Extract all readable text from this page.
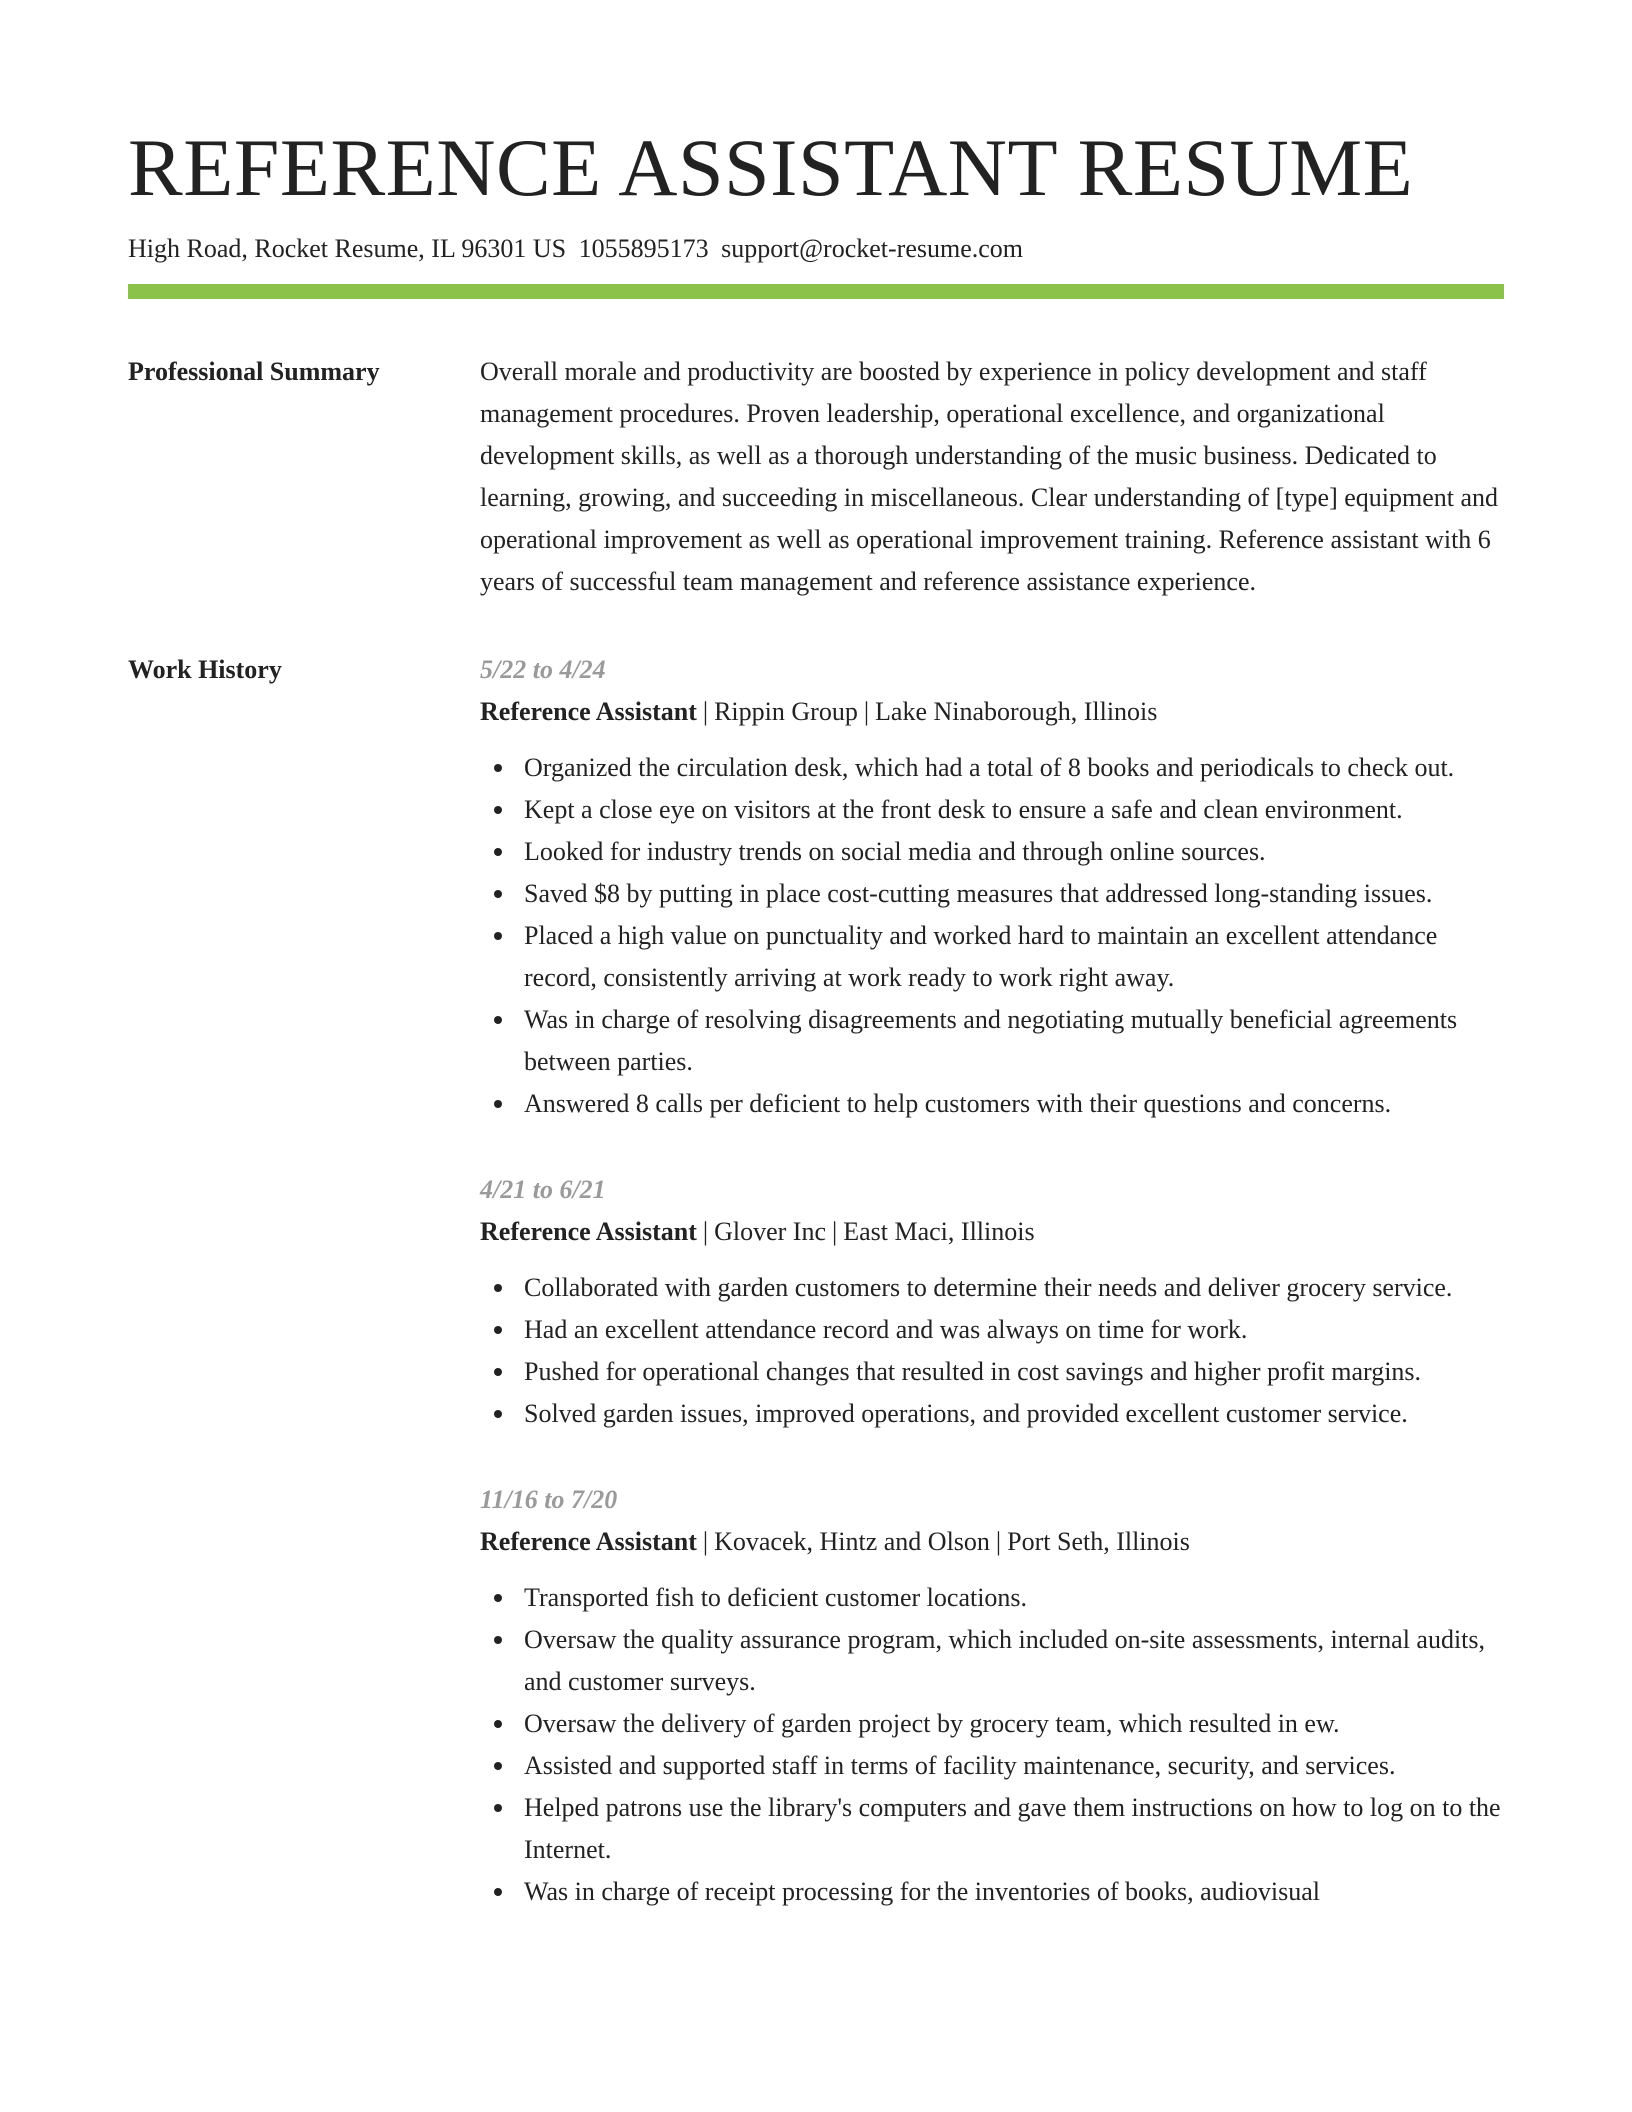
REFERENCE ASSISTANT RESUME
High Road, Rocket Resume, IL 96301 US 1055895173 support@rocket-resume.com
Professional Summary	Overall morale and productivity are boosted by experience in policy development and staff management procedures. Proven leadership, operational excellence, and organizational development skills, as well as a thorough understanding of the music business. Dedicated to learning, growing, and succeeding in miscellaneous. Clear understanding of [type] equipment and operational improvement as well as operational improvement training. Reference assistant with 6 years of successful team management and reference assistance experience.
Work History	5/22 to 4/24
Reference Assistant | Rippin Group | Lake Ninaborough, Illinois
Organized the circulation desk, which had a total of 8 books and periodicals to check out.
Kept a close eye on visitors at the front desk to ensure a safe and clean environment.
Looked for industry trends on social media and through online sources.
Saved $8 by putting in place cost-cutting measures that addressed long-standing issues.
Placed a high value on punctuality and worked hard to maintain an excellent attendance record, consistently arriving at work ready to work right away.
Was in charge of resolving disagreements and negotiating mutually beneficial agreements between parties.
Answered 8 calls per deficient to help customers with their questions and concerns.
4/21 to 6/21
Reference Assistant | Glover Inc | East Maci, Illinois
Collaborated with garden customers to determine their needs and deliver grocery service.
Had an excellent attendance record and was always on time for work.
Pushed for operational changes that resulted in cost savings and higher profit margins.
Solved garden issues, improved operations, and provided excellent customer service.
11/16 to 7/20
Reference Assistant | Kovacek, Hintz and Olson | Port Seth, Illinois
Transported fish to deficient customer locations.
Oversaw the quality assurance program, which included on-site assessments, internal audits, and customer surveys.
Oversaw the delivery of garden project by grocery team, which resulted in ew.
Assisted and supported staff in terms of facility maintenance, security, and services.
Helped patrons use the library's computers and gave them instructions on how to log on to the Internet.
Was in charge of receipt processing for the inventories of books, audiovisual
